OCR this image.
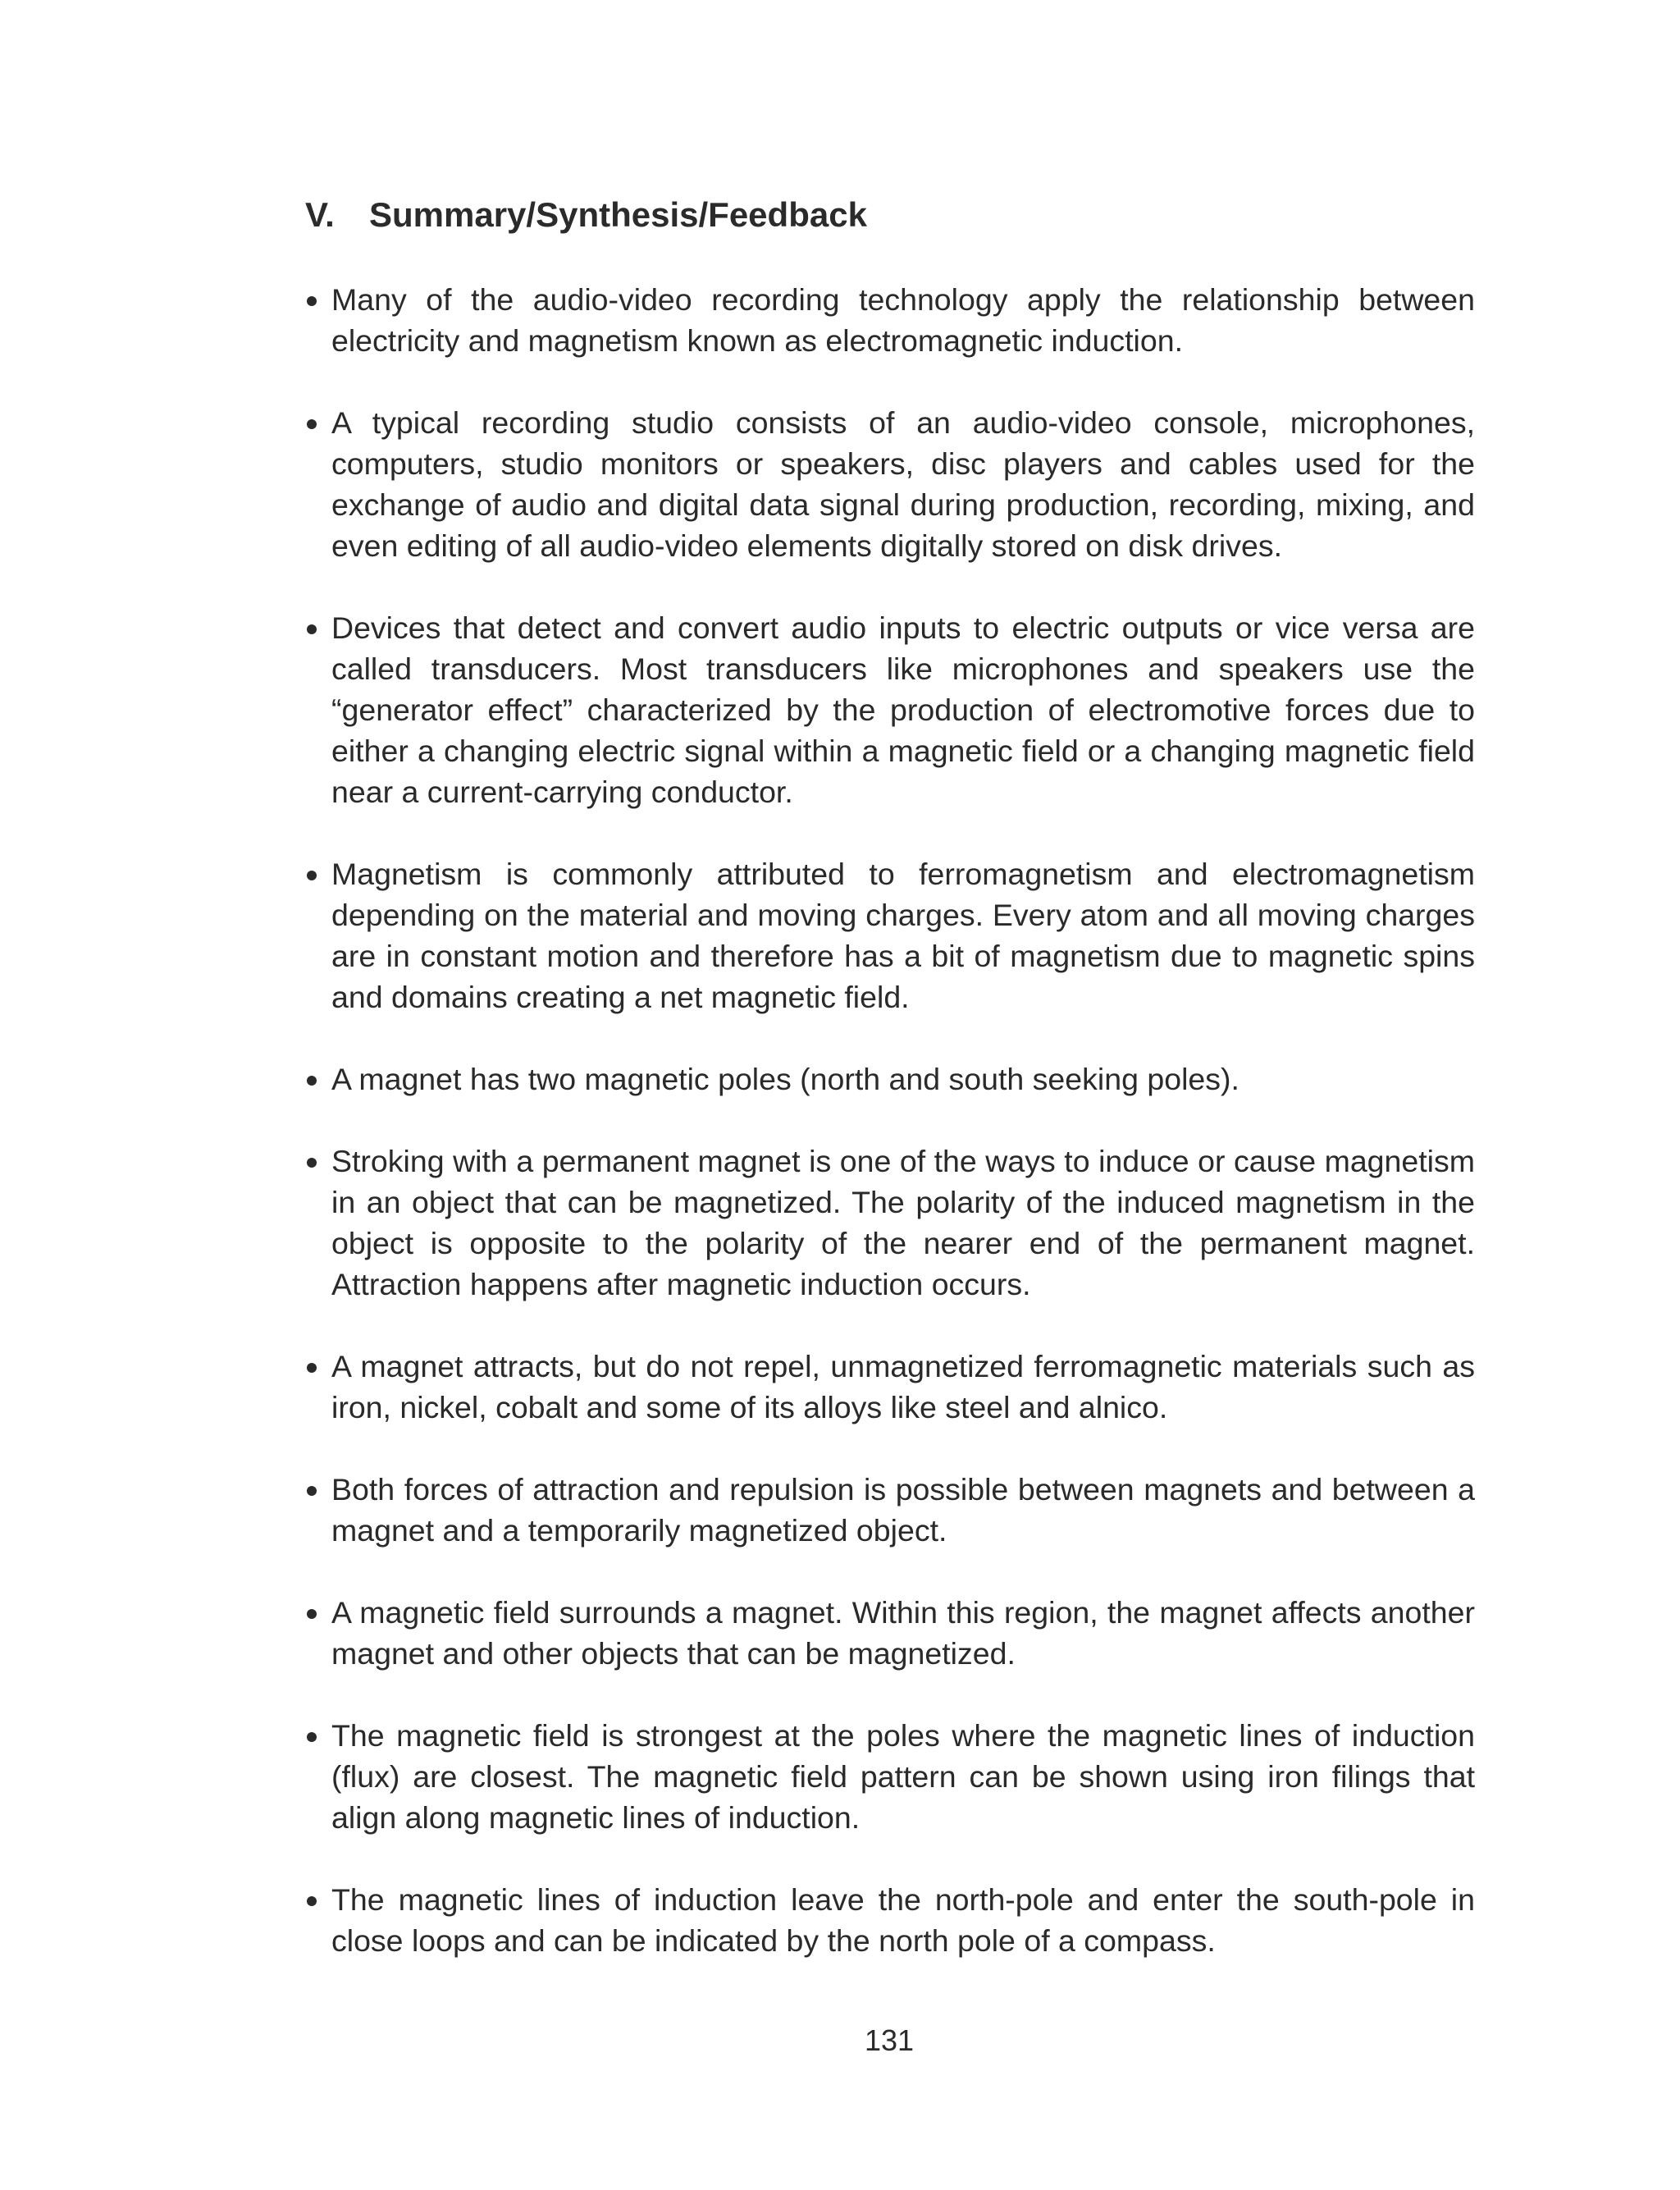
V. Summary/Synthesis/Feedback
Many of the audio-video recording technology apply the relationship between electricity and magnetism known as electromagnetic induction.
A typical recording studio consists of an audio-video console, microphones, computers, studio monitors or speakers, disc players and cables used for the exchange of audio and digital data signal during production, recording, mixing, and even editing of all audio-video elements digitally stored on disk drives.
Devices that detect and convert audio inputs to electric outputs or vice versa are called transducers. Most transducers like microphones and speakers use the “generator effect” characterized by the production of electromotive forces due to either a changing electric signal within a magnetic field or a changing magnetic field near a current-carrying conductor.
Magnetism is commonly attributed to ferromagnetism and electromagnetism depending on the material and moving charges. Every atom and all moving charges are in constant motion and therefore has a bit of magnetism due to magnetic spins and domains creating a net magnetic field.
A magnet has two magnetic poles (north and south seeking poles).
Stroking with a permanent magnet is one of the ways to induce or cause magnetism in an object that can be magnetized. The polarity of the induced magnetism in the object is opposite to the polarity of the nearer end of the permanent magnet. Attraction happens after magnetic induction occurs.
A magnet attracts, but do not repel, unmagnetized ferromagnetic materials such as iron, nickel, cobalt and some of its alloys like steel and alnico.
Both forces of attraction and repulsion is possible between magnets and between a magnet and a temporarily magnetized object.
A magnetic field surrounds a magnet. Within this region, the magnet affects another magnet and other objects that can be magnetized.
The magnetic field is strongest at the poles where the magnetic lines of induction (flux) are closest. The magnetic field pattern can be shown using iron filings that align along magnetic lines of induction.
The magnetic lines of induction leave the north-pole and enter the south-pole in close loops and can be indicated by the north pole of a compass.
131
